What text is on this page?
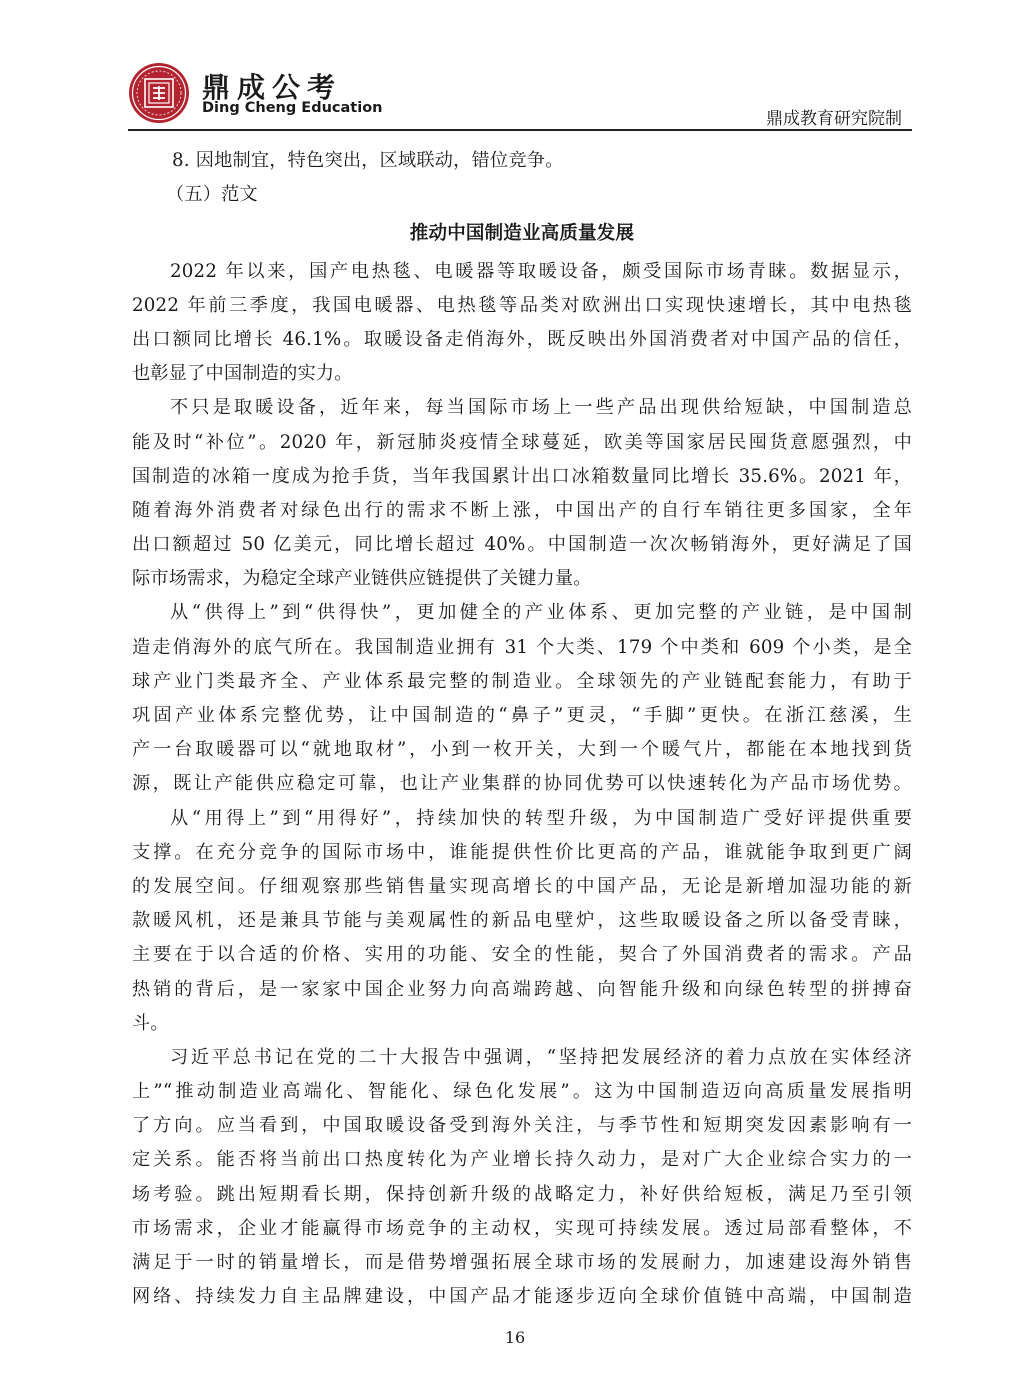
鼎成公考
Ding Cheng Education
鼎成教育研究院制
8. 因地制宜，特色突出，区域联动，错位竞争。
（五）范文
推动中国制造业高质量发展
2022 年以来，国产电热毯、电暖器等取暖设备，颇受国际市场青睐。数据显示，
2022 年前三季度，我国电暖器、电热毯等品类对欧洲出口实现快速增长，其中电热毯
出口额同比增长 46.1%。取暖设备走俏海外，既反映出外国消费者对中国产品的信任，
也彰显了中国制造的实力。
不只是取暖设备，近年来，每当国际市场上一些产品出现供给短缺，中国制造总
能及时“补位”。2020 年，新冠肺炎疫情全球蔓延，欧美等国家居民囤货意愿强烈，中
国制造的冰箱一度成为抢手货，当年我国累计出口冰箱数量同比增长 35.6%。2021 年，
随着海外消费者对绿色出行的需求不断上涨，中国出产的自行车销往更多国家，全年
出口额超过 50 亿美元，同比增长超过 40%。中国制造一次次畅销海外，更好满足了国
际市场需求，为稳定全球产业链供应链提供了关键力量。
从“供得上”到“供得快”，更加健全的产业体系、更加完整的产业链，是中国制
造走俏海外的底气所在。我国制造业拥有 31 个大类、179 个中类和 609 个小类，是全
球产业门类最齐全、产业体系最完整的制造业。全球领先的产业链配套能力，有助于
巩固产业体系完整优势，让中国制造的“鼻子”更灵，“手脚”更快。在浙江慈溪，生
产一台取暖器可以“就地取材”，小到一枚开关，大到一个暖气片，都能在本地找到货
源，既让产能供应稳定可靠，也让产业集群的协同优势可以快速转化为产品市场优势。
从“用得上”到“用得好”，持续加快的转型升级，为中国制造广受好评提供重要
支撑。在充分竞争的国际市场中，谁能提供性价比更高的产品，谁就能争取到更广阔
的发展空间。仔细观察那些销售量实现高增长的中国产品，无论是新增加湿功能的新
款暖风机，还是兼具节能与美观属性的新品电壁炉，这些取暖设备之所以备受青睐，
主要在于以合适的价格、实用的功能、安全的性能，契合了外国消费者的需求。产品
热销的背后，是一家家中国企业努力向高端跨越、向智能升级和向绿色转型的拼搏奋
斗。
习近平总书记在党的二十大报告中强调，“坚持把发展经济的着力点放在实体经济
上”“推动制造业高端化、智能化、绿色化发展”。这为中国制造迈向高质量发展指明
了方向。应当看到，中国取暖设备受到海外关注，与季节性和短期突发因素影响有一
定关系。能否将当前出口热度转化为产业增长持久动力，是对广大企业综合实力的一
场考验。跳出短期看长期，保持创新升级的战略定力，补好供给短板，满足乃至引领
市场需求，企业才能赢得市场竞争的主动权，实现可持续发展。透过局部看整体，不
满足于一时的销量增长，而是借势增强拓展全球市场的发展耐力，加速建设海外销售
网络、持续发力自主品牌建设，中国产品才能逐步迈向全球价值链中高端，中国制造
16
